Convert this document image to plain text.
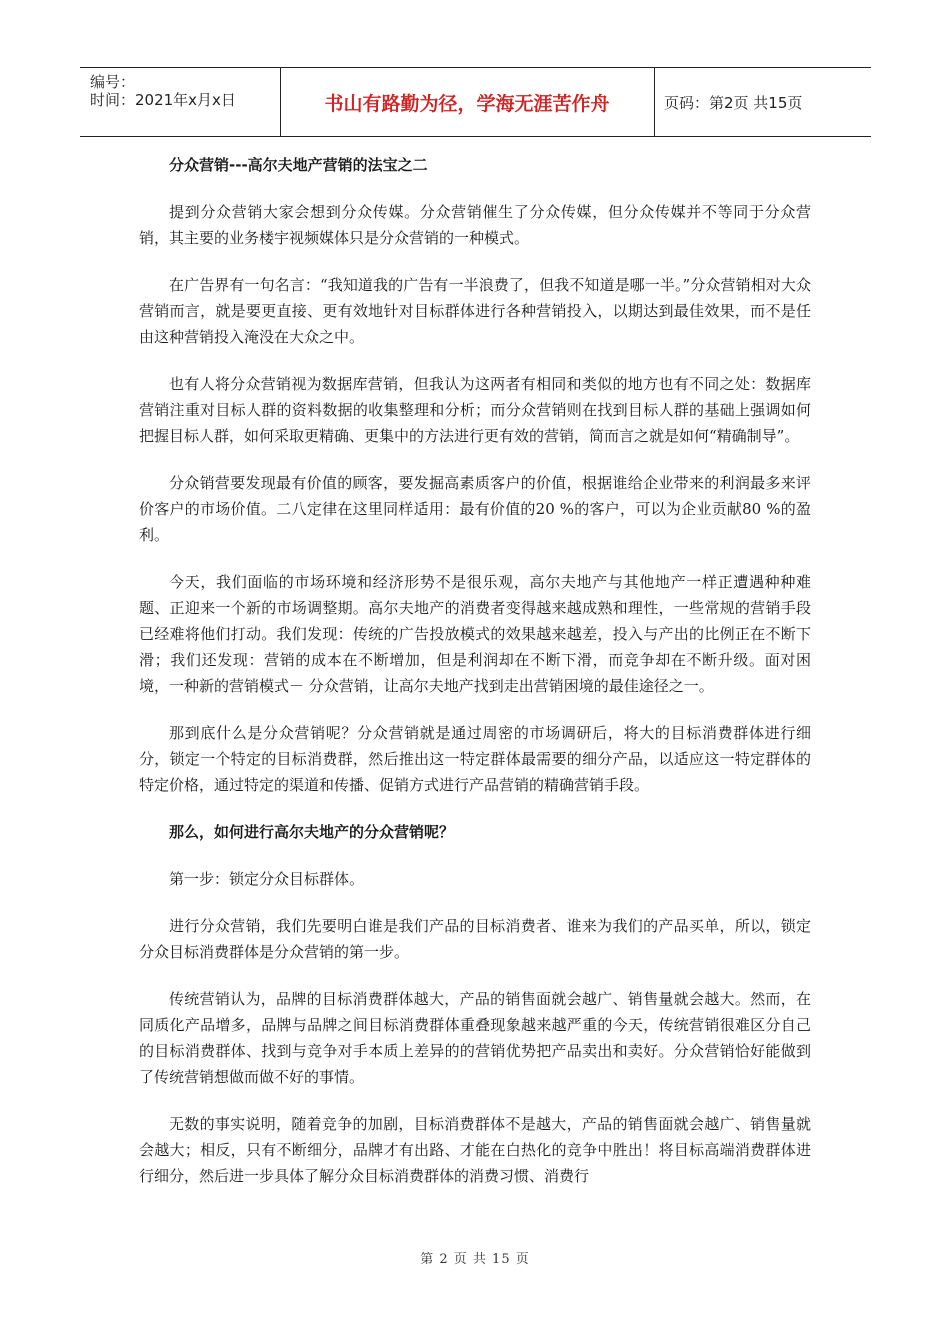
编号：
时间：2021年x月x日	书山有路勤为径，学海无涯苦作舟	页码：第2页 共15页

分众营销---高尔夫地产营销的法宝之二

提到分众营销大家会想到分众传媒。分众营销催生了分众传媒，但分众传媒并不等同于分众营销，其主要的业务楼宇视频媒体只是分众营销的一种模式。

在广告界有一句名言：“我知道我的广告有一半浪费了，但我不知道是哪一半。”分众营销相对大众营销而言，就是要更直接、更有效地针对目标群体进行各种营销投入，以期达到最佳效果，而不是任由这种营销投入淹没在大众之中。

也有人将分众营销视为数据库营销，但我认为这两者有相同和类似的地方也有不同之处：数据库营销注重对目标人群的资料数据的收集整理和分析；而分众营销则在找到目标人群的基础上强调如何把握目标人群，如何采取更精确、更集中的方法进行更有效的营销，简而言之就是如何“精确制导”。

分众销营要发现最有价值的顾客，要发掘高素质客户的价值，根据谁给企业带来的利润最多来评价客户的市场价值。二八定律在这里同样适用：最有价值的20 %的客户，可以为企业贡献80 %的盈利。

今天，我们面临的市场环境和经济形势不是很乐观，高尔夫地产与其他地产一样正遭遇种种难题、正迎来一个新的市场调整期。高尔夫地产的消费者变得越来越成熟和理性，一些常规的营销手段已经难将他们打动。我们发现：传统的广告投放模式的效果越来越差，投入与产出的比例正在不断下滑；我们还发现：营销的成本在不断增加，但是利润却在不断下滑，而竞争却在不断升级。面对困境，一种新的营销模式－ 分众营销，让高尔夫地产找到走出营销困境的最佳途径之一。

那到底什么是分众营销呢？分众营销就是通过周密的市场调研后，将大的目标消费群体进行细分，锁定一个特定的目标消费群，然后推出这一特定群体最需要的细分产品，以适应这一特定群体的特定价格，通过特定的渠道和传播、促销方式进行产品营销的精确营销手段。

那么，如何进行高尔夫地产的分众营销呢？

第一步：锁定分众目标群体。

进行分众营销，我们先要明白谁是我们产品的目标消费者、谁来为我们的产品买单，所以，锁定分众目标消费群体是分众营销的第一步。

传统营销认为，品牌的目标消费群体越大，产品的销售面就会越广、销售量就会越大。然而，在同质化产品增多，品牌与品牌之间目标消费群体重叠现象越来越严重的今天，传统营销很难区分自己的目标消费群体、找到与竞争对手本质上差异的的营销优势把产品卖出和卖好。分众营销恰好能做到了传统营销想做而做不好的事情。

无数的事实说明，随着竞争的加剧，目标消费群体不是越大，产品的销售面就会越广、销售量就会越大；相反，只有不断细分，品牌才有出路、才能在白热化的竞争中胜出！将目标高端消费群体进行细分，然后进一步具体了解分众目标消费群体的消费习惯、消费行

第 2 页 共 15 页
